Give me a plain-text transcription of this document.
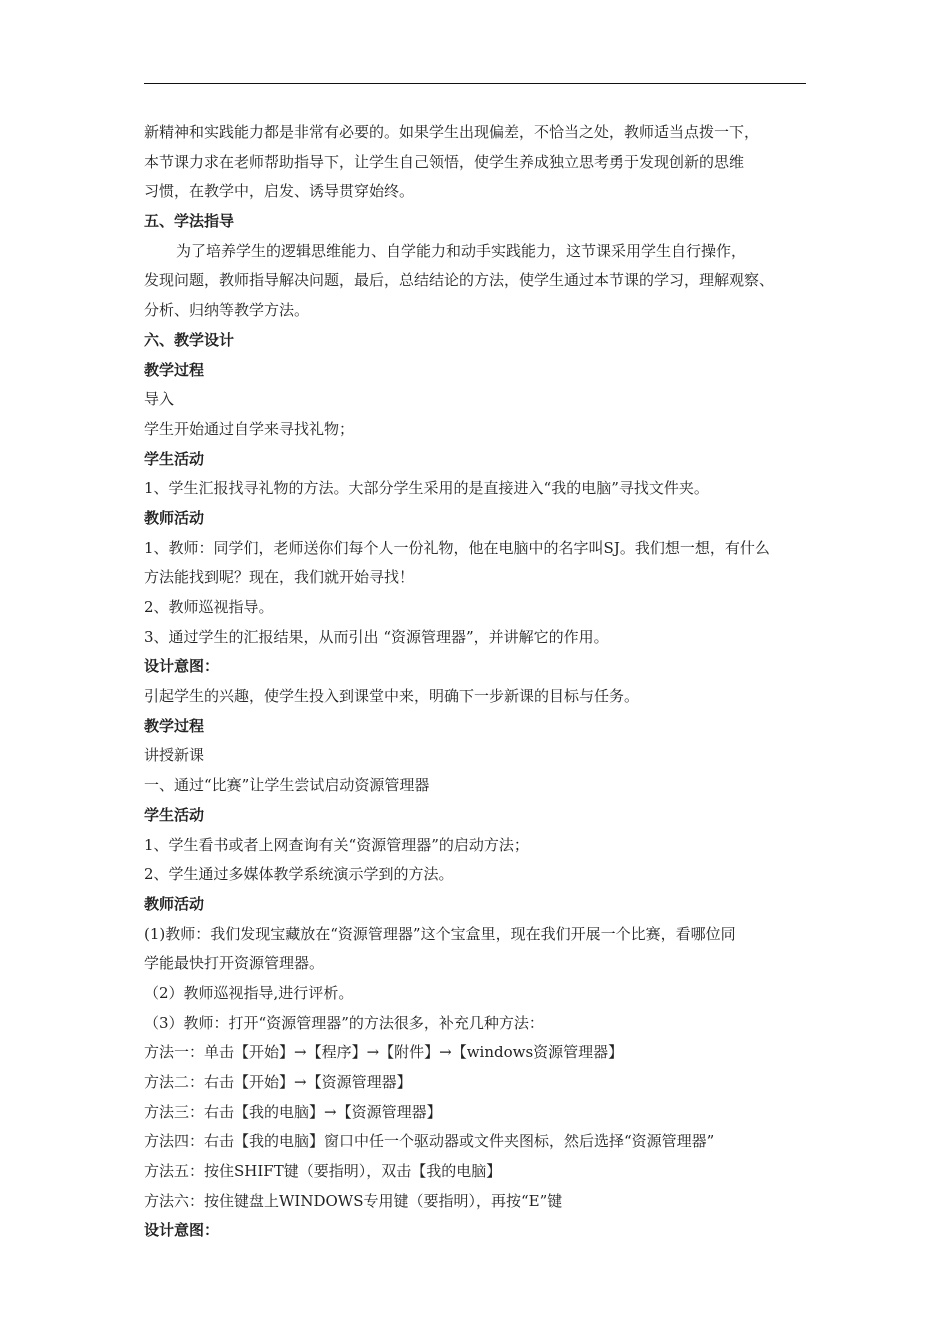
新精神和实践能力都是非常有必要的。如果学生出现偏差，不恰当之处，教师适当点拨一下，
本节课力求在老师帮助指导下，让学生自己领悟，使学生养成独立思考勇于发现创新的思维
习惯，在教学中，启发、诱导贯穿始终。
五、学法指导
为了培养学生的逻辑思维能力、自学能力和动手实践能力，这节课采用学生自行操作，
发现问题，教师指导解决问题，最后，总结结论的方法，使学生通过本节课的学习，理解观察、
分析、归纳等教学方法。
六、教学设计
教学过程
导入
学生开始通过自学来寻找礼物；
学生活动
1、学生汇报找寻礼物的方法。大部分学生采用的是直接进入“我的电脑”寻找文件夹。
教师活动
1、教师：同学们，老师送你们每个人一份礼物，他在电脑中的名字叫SJ。我们想一想，有什么
方法能找到呢？现在，我们就开始寻找！
2、教师巡视指导。
3、通过学生的汇报结果，从而引出 “资源管理器”，并讲解它的作用。
设计意图：
引起学生的兴趣，使学生投入到课堂中来，明确下一步新课的目标与任务。
教学过程
讲授新课
一、通过“比赛”让学生尝试启动资源管理器
学生活动
1、学生看书或者上网查询有关“资源管理器”的启动方法；
2、学生通过多媒体教学系统演示学到的方法。
教师活动
(1)教师：我们发现宝藏放在“资源管理器”这个宝盒里，现在我们开展一个比赛，看哪位同
学能最快打开资源管理器。
（2）教师巡视指导,进行评析。
（3）教师：打开“资源管理器”的方法很多，补充几种方法：
方法一：单击【开始】→【程序】→【附件】→【windows资源管理器】
方法二：右击【开始】→【资源管理器】
方法三：右击【我的电脑】→【资源管理器】
方法四：右击【我的电脑】窗口中任一个驱动器或文件夹图标，然后选择“资源管理器”
方法五：按住SHIFT键（要指明），双击【我的电脑】
方法六：按住键盘上WINDOWS专用键（要指明），再按“E”键
设计意图：
